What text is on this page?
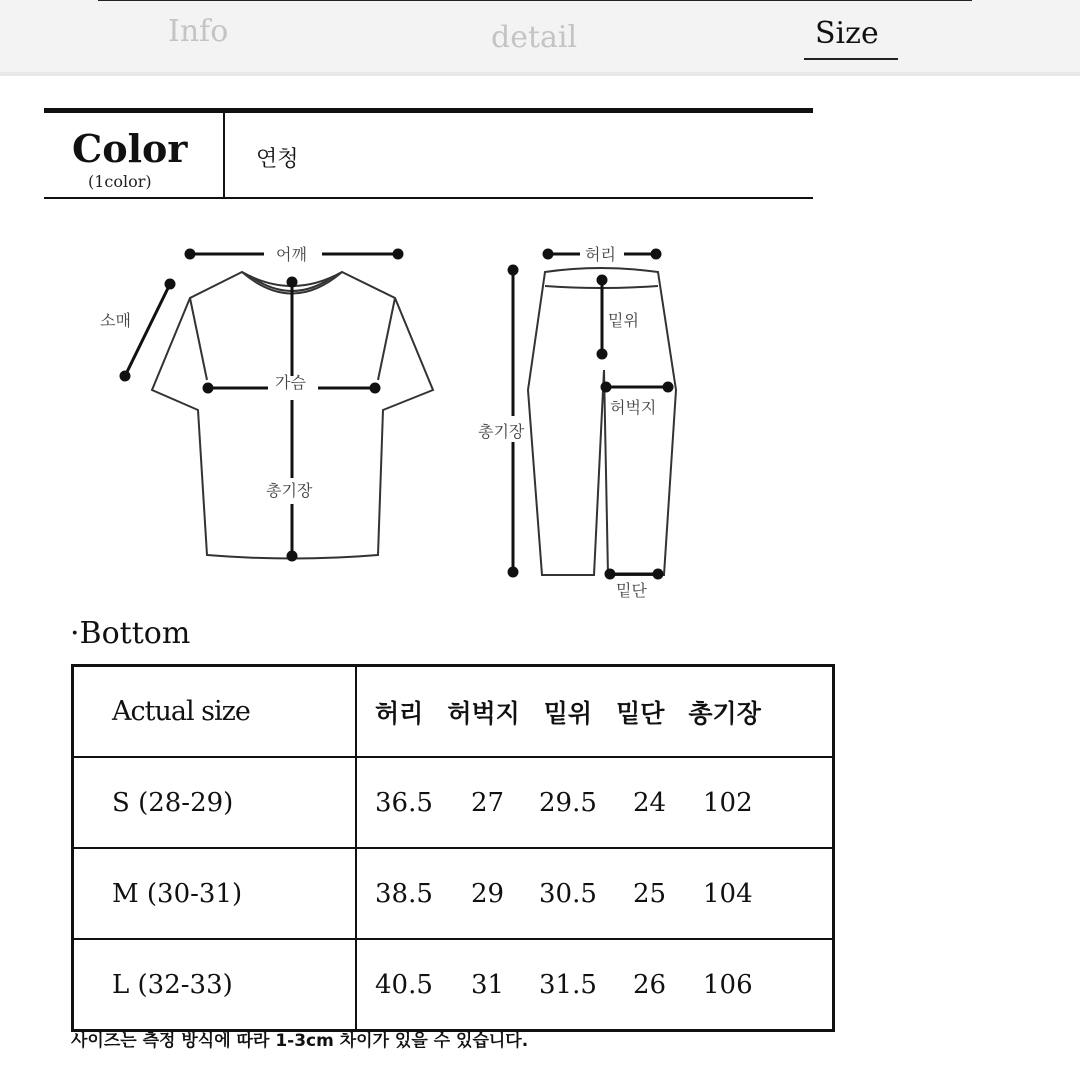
Info	detail	Size
Color
(1color)
연청
어깨
소매
가슴
총기장
허리
밑위
허벅지
총기장
밑단
·Bottom
Actual size	허리 허벅지 밑위 밑단 총기장
S (28-29)	36.5 27 29.5 24 102
M (30-31)	38.5 29 30.5 25 104
L (32-33)	40.5 31 31.5 26 106
사이즈는 측정 방식에 따라 1-3cm 차이가 있을 수 있습니다.
